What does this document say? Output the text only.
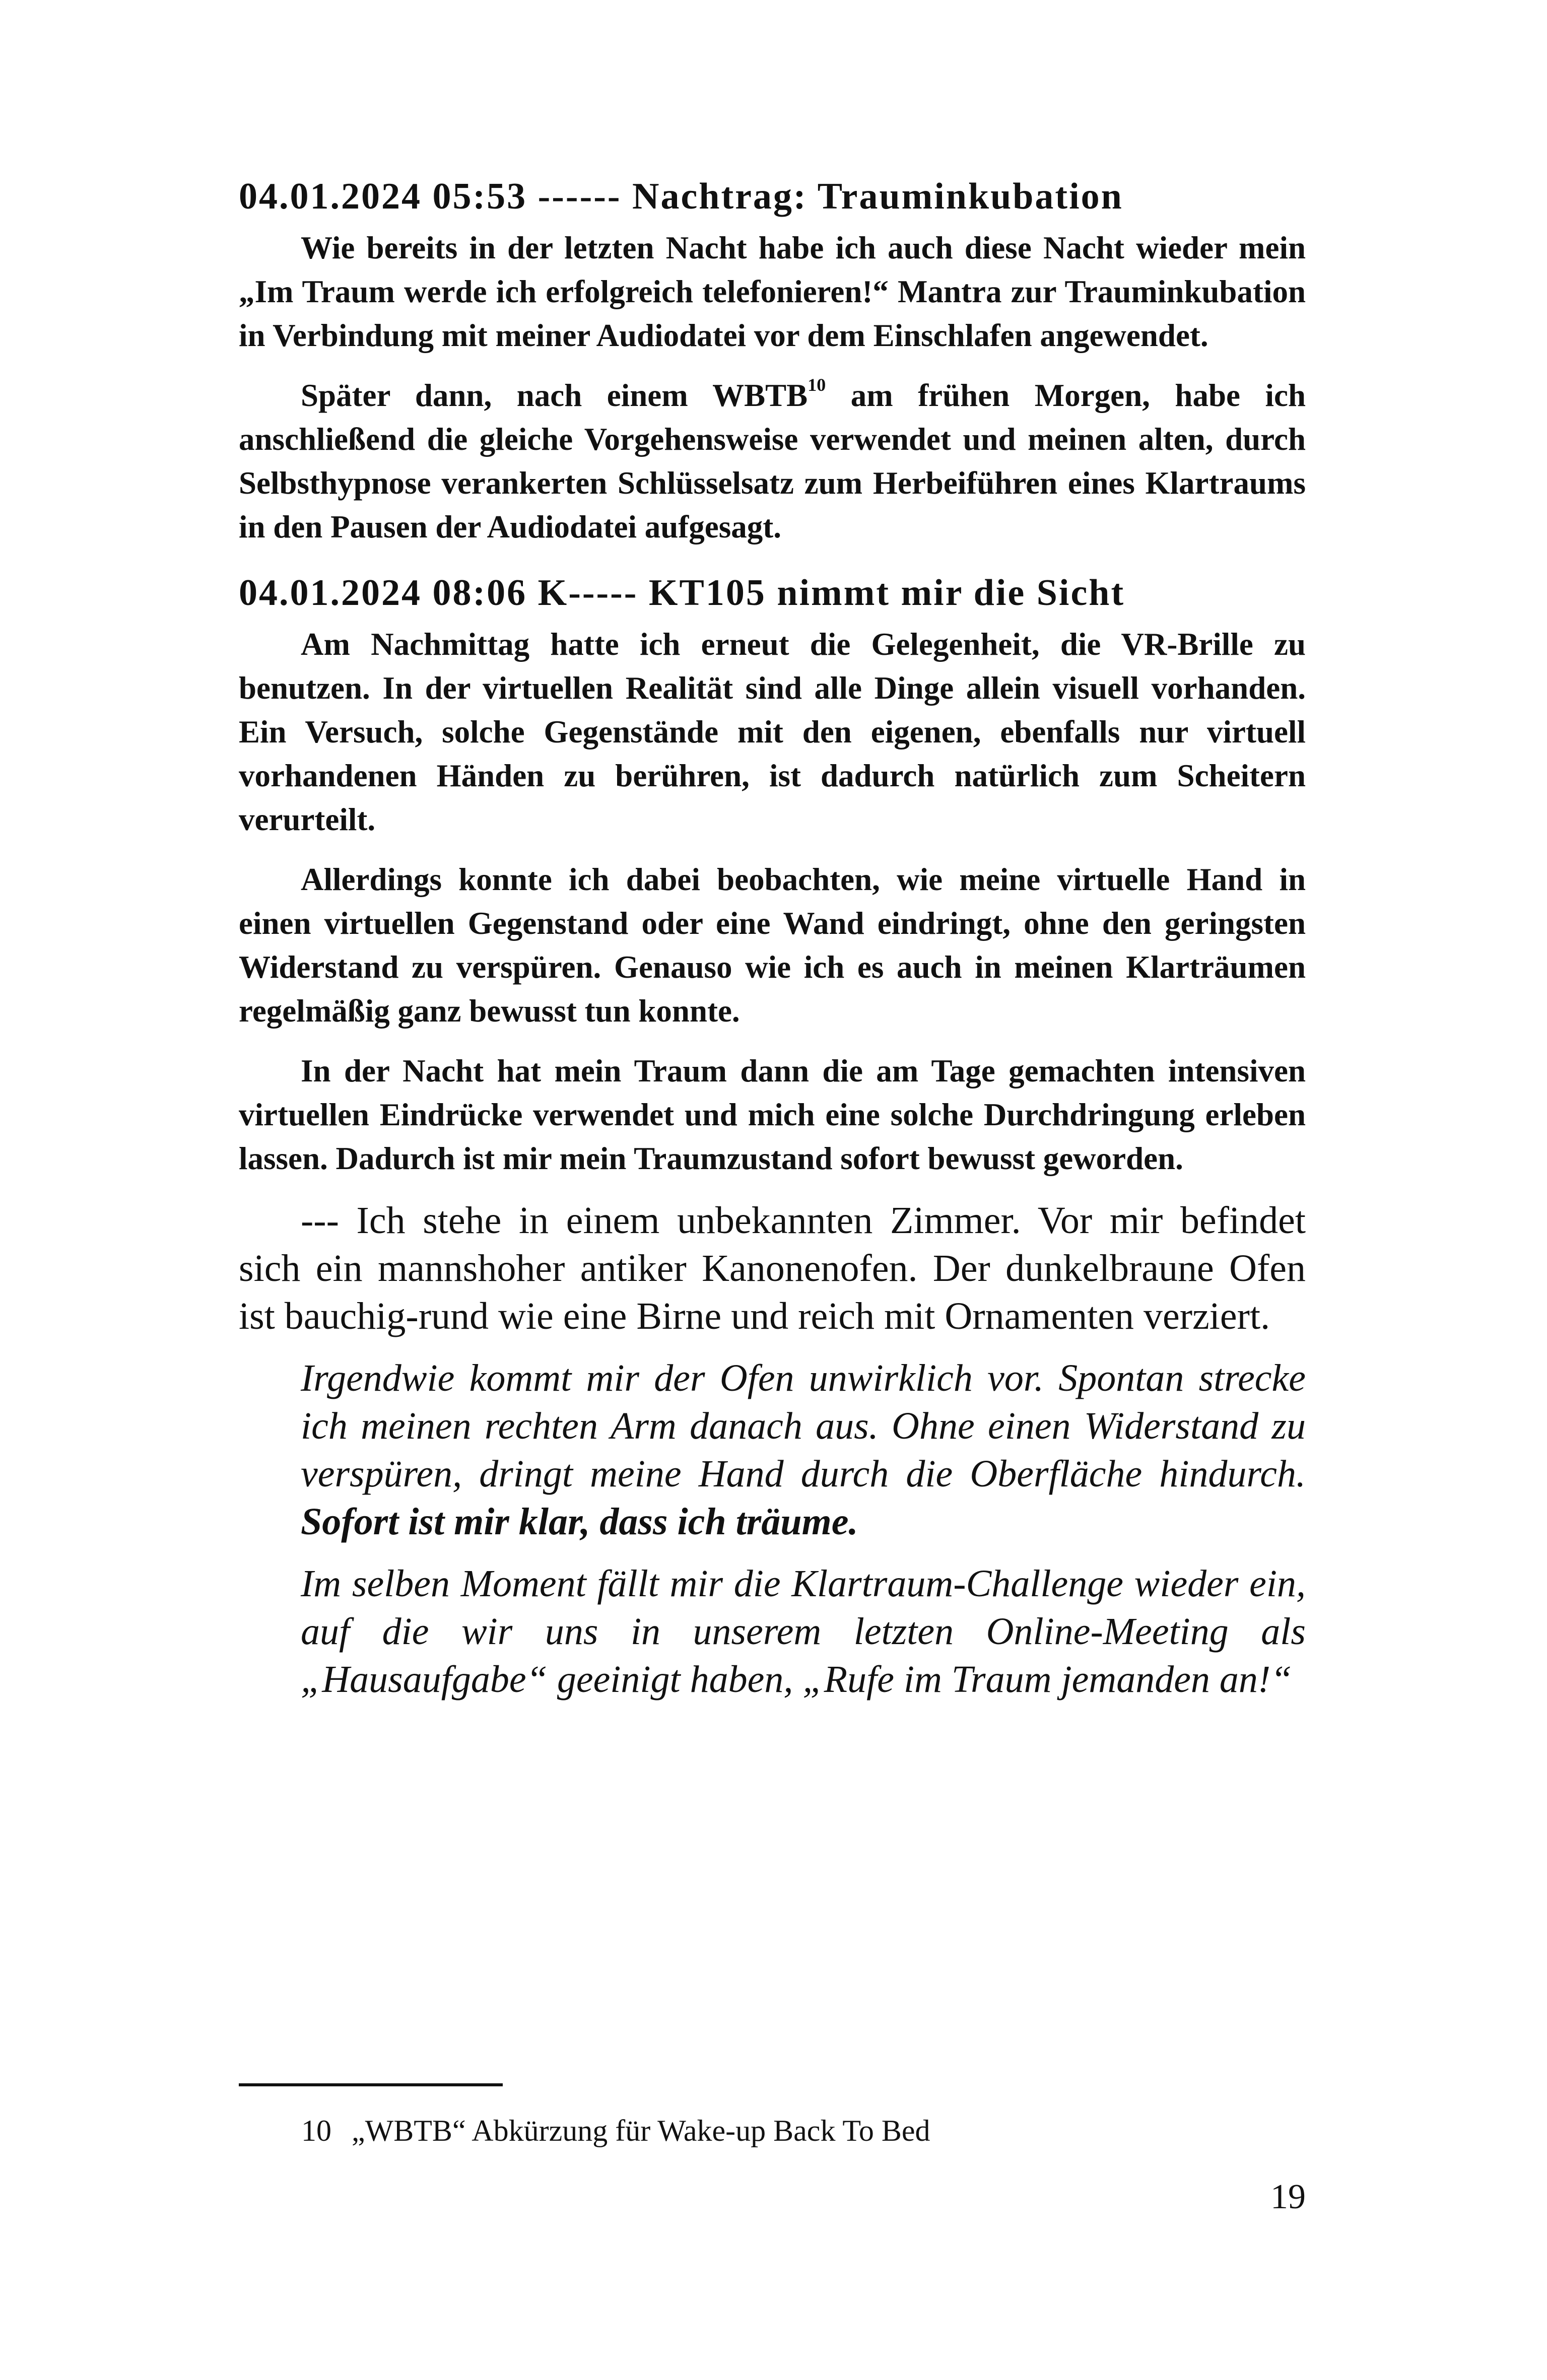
04.01.2024 05:53 ------ Nachtrag: Trauminkubation

Wie bereits in der letzten Nacht habe ich auch diese Nacht wieder mein „Im Traum werde ich erfolgreich telefonieren!“ Mantra zur Trauminkubation in Verbindung mit meiner Audiodatei vor dem Einschlafen angewendet.

Später dann, nach einem WBTB$^{10}$ am frühen Morgen, habe ich anschließend die gleiche Vorgehensweise verwendet und meinen alten, durch Selbsthypnose verankerten Schlüsselsatz zum Herbeiführen eines Klartraums in den Pausen der Audiodatei aufgesagt.

04.01.2024 08:06 K----- KT105 nimmt mir die Sicht

Am Nachmittag hatte ich erneut die Gelegenheit, die VR-Brille zu benutzen. In der virtuellen Realität sind alle Dinge allein visuell vorhanden. Ein Versuch, solche Gegenstände mit den eigenen, ebenfalls nur virtuell vorhandenen Händen zu berühren, ist dadurch natürlich zum Scheitern verurteilt.

Allerdings konnte ich dabei beobachten, wie meine virtuelle Hand in einen virtuellen Gegenstand oder eine Wand eindringt, ohne den geringsten Widerstand zu verspüren. Genauso wie ich es auch in meinen Klarträumen regelmäßig ganz bewusst tun konnte.

In der Nacht hat mein Traum dann die am Tage gemachten intensiven virtuellen Eindrücke verwendet und mich eine solche Durchdringung erleben lassen. Dadurch ist mir mein Traumzustand sofort bewusst geworden.

--- Ich stehe in einem unbekannten Zimmer. Vor mir befindet sich ein mannshoher antiker Kanonenofen. Der dunkelbraune Ofen ist bauchig-rund wie eine Birne und reich mit Ornamenten verziert.

Irgendwie kommt mir der Ofen unwirklich vor. Spontan strecke ich meinen rechten Arm danach aus. Ohne einen Widerstand zu verspüren, dringt meine Hand durch die Oberfläche hindurch. Sofort ist mir klar, dass ich träume.

Im selben Moment fällt mir die Klartraum-Challenge wieder ein, auf die wir uns in unserem letzten Online-Meeting als „Hausaufgabe“ geeinigt haben, „Rufe im Traum jemanden an!“

10 „WBTB“ Abkürzung für Wake-up Back To Bed
19
